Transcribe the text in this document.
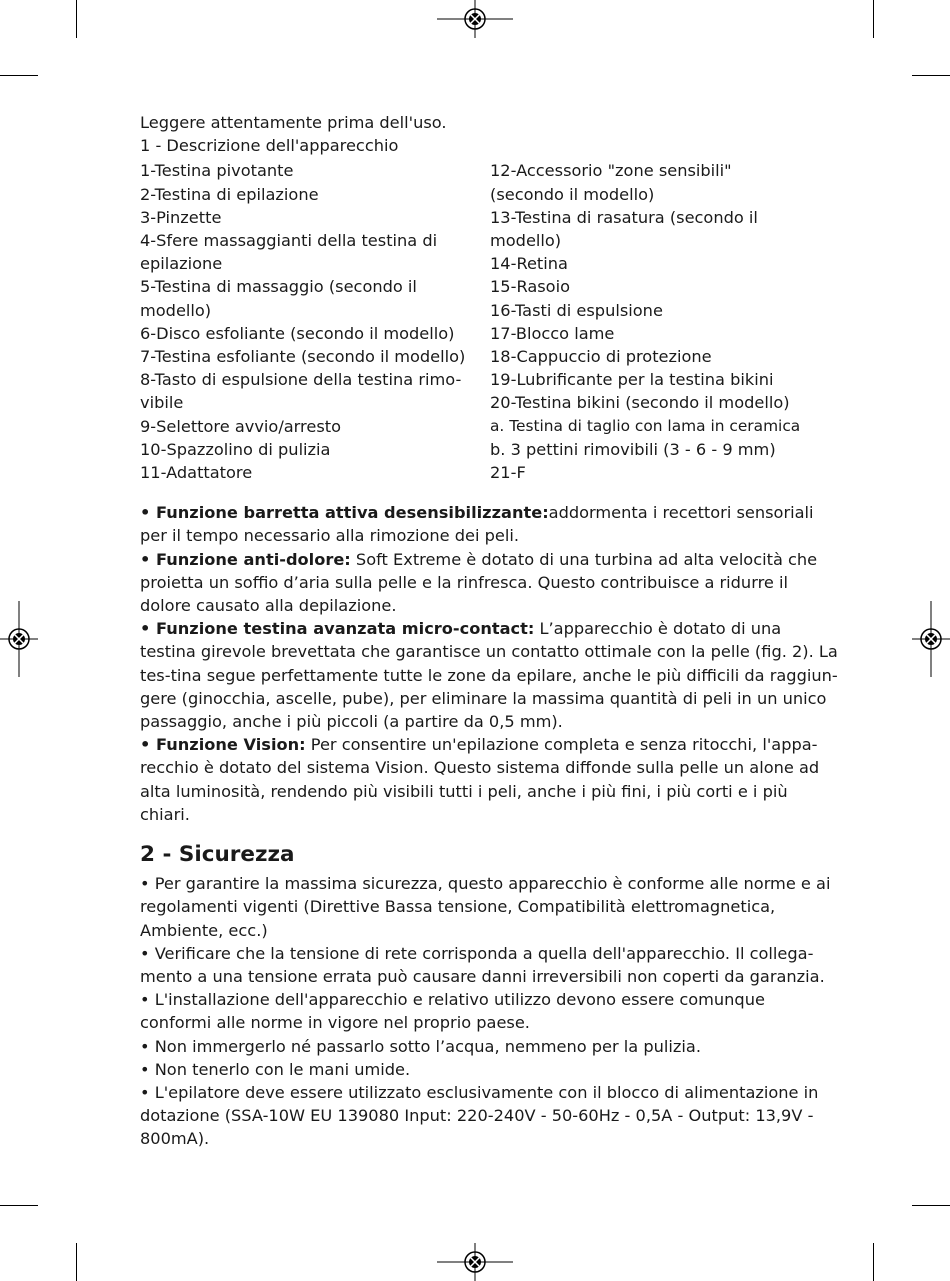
Leggere attentamente prima dell'uso.
1 - Descrizione dell'apparecchio
1-Testina pivotante
2-Testina di epilazione
3-Pinzette
4-Sfere massaggianti della testina di epilazione
5-Testina di massaggio (secondo il modello)
6-Disco esfoliante (secondo il modello)
7-Testina esfoliante (secondo il modello)
8-Tasto di espulsione della testina rimo-vibile
9-Selettore avvio/arresto
10-Spazzolino di pulizia
11-Adattatore
12-Accessorio "zone sensibili" (secondo il modello)
13-Testina di rasatura (secondo il modello)
14-Retina
15-Rasoio
16-Tasti di espulsione
17-Blocco lame
18-Cappuccio di protezione
19-Lubrificante per la testina bikini
20-Testina bikini (secondo il modello)
a. Testina di taglio con lama in ceramica
b. 3 pettini rimovibili (3 - 6 - 9 mm)
21-F

• Funzione barretta attiva desensibilizzante:addormenta i recettori sensoriali per il tempo necessario alla rimozione dei peli.

• Funzione anti-dolore: Soft Extreme è dotato di una turbina ad alta velocità che proietta un soffio d’aria sulla pelle e la rinfresca. Questo contribuisce a ridurre il dolore causato alla depilazione.

• Funzione testina avanzata micro-contact: L’apparecchio è dotato di una testina girevole brevettata che garantisce un contatto ottimale con la pelle (fig. 2). La tes-tina segue perfettamente tutte le zone da epilare, anche le più difficili da raggiun-gere (ginocchia, ascelle, pube), per eliminare la massima quantità di peli in un unico passaggio, anche i più piccoli (a partire da 0,5 mm).

• Funzione Vision: Per consentire un'epilazione completa e senza ritocchi, l'appa-recchio è dotato del sistema Vision. Questo sistema diffonde sulla pelle un alone ad alta luminosità, rendendo più visibili tutti i peli, anche i più fini, i più corti e i più chiari.

2 - Sicurezza

• Per garantire la massima sicurezza, questo apparecchio è conforme alle norme e ai regolamenti vigenti (Direttive Bassa tensione, Compatibilità elettromagnetica, Ambiente, ecc.)

• Verificare che la tensione di rete corrisponda a quella dell'apparecchio. Il collega-mento a una tensione errata può causare danni irreversibili non coperti da garanzia.

• L'installazione dell'apparecchio e relativo utilizzo devono essere comunque conformi alle norme in vigore nel proprio paese.

• Non immergerlo né passarlo sotto l’acqua, nemmeno per la pulizia.

• Non tenerlo con le mani umide.

• L'epilatore deve essere utilizzato esclusivamente con il blocco di alimentazione in dotazione (SSA-10W EU 139080 Input: 220-240V - 50-60Hz - 0,5A - Output: 13,9V - 800mA).
